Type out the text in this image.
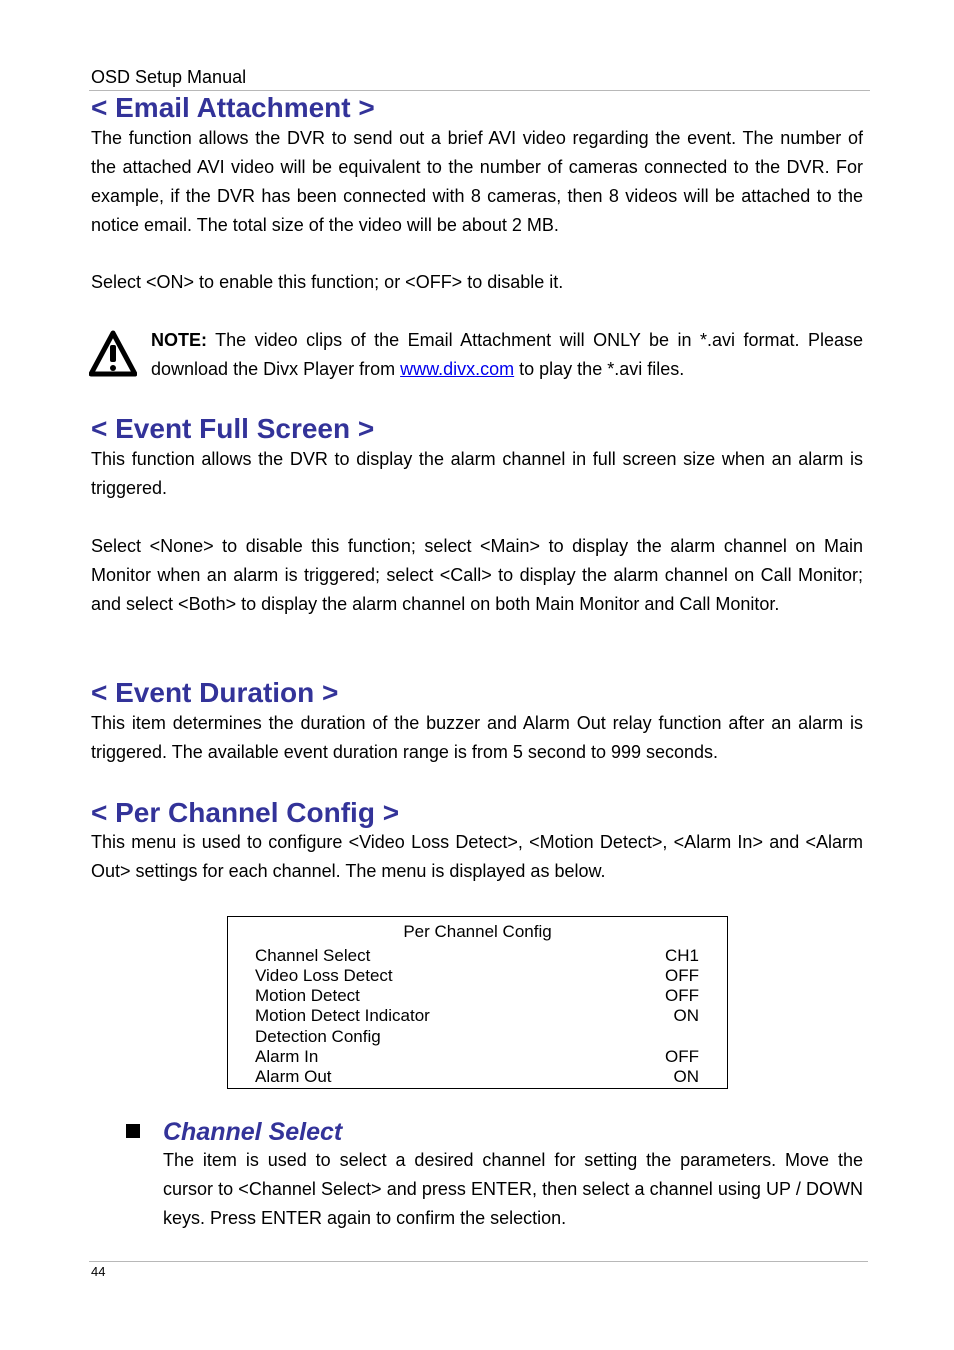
OSD Setup Manual
< Email Attachment >

The function allows the DVR to send out a brief AVI video regarding the event. The number of the attached AVI video will be equivalent to the number of cameras connected to the DVR. For example, if the DVR has been connected with 8 cameras, then 8 videos will be attached to the notice email. The total size of the video will be about 2 MB.

Select <ON> to enable this function; or <OFF> to disable it.

NOTE: The video clips of the Email Attachment will ONLY be in *.avi format. Please download the Divx Player from www.divx.com to play the *.avi files.

< Event Full Screen >

This function allows the DVR to display the alarm channel in full screen size when an alarm is triggered.

Select <None> to disable this function; select <Main> to display the alarm channel on Main Monitor when an alarm is triggered; select <Call> to display the alarm channel on Call Monitor; and select <Both> to display the alarm channel on both Main Monitor and Call Monitor.

< Event Duration >

This item determines the duration of the buzzer and Alarm Out relay function after an alarm is triggered. The available event duration range is from 5 second to 999 seconds.

< Per Channel Config >

This menu is used to configure <Video Loss Detect>, <Motion Detect>, <Alarm In> and <Alarm Out> settings for each channel. The menu is displayed as below.

Per Channel Config
Channel Select	CH1
Video Loss Detect	OFF
Motion Detect	OFF
Motion Detect Indicator	ON
Detection Config
Alarm In	OFF
Alarm Out	ON
Channel Select

The item is used to select a desired channel for setting the parameters. Move the cursor to <Channel Select> and press ENTER, then select a channel using UP / DOWN keys. Press ENTER again to confirm the selection.

44
